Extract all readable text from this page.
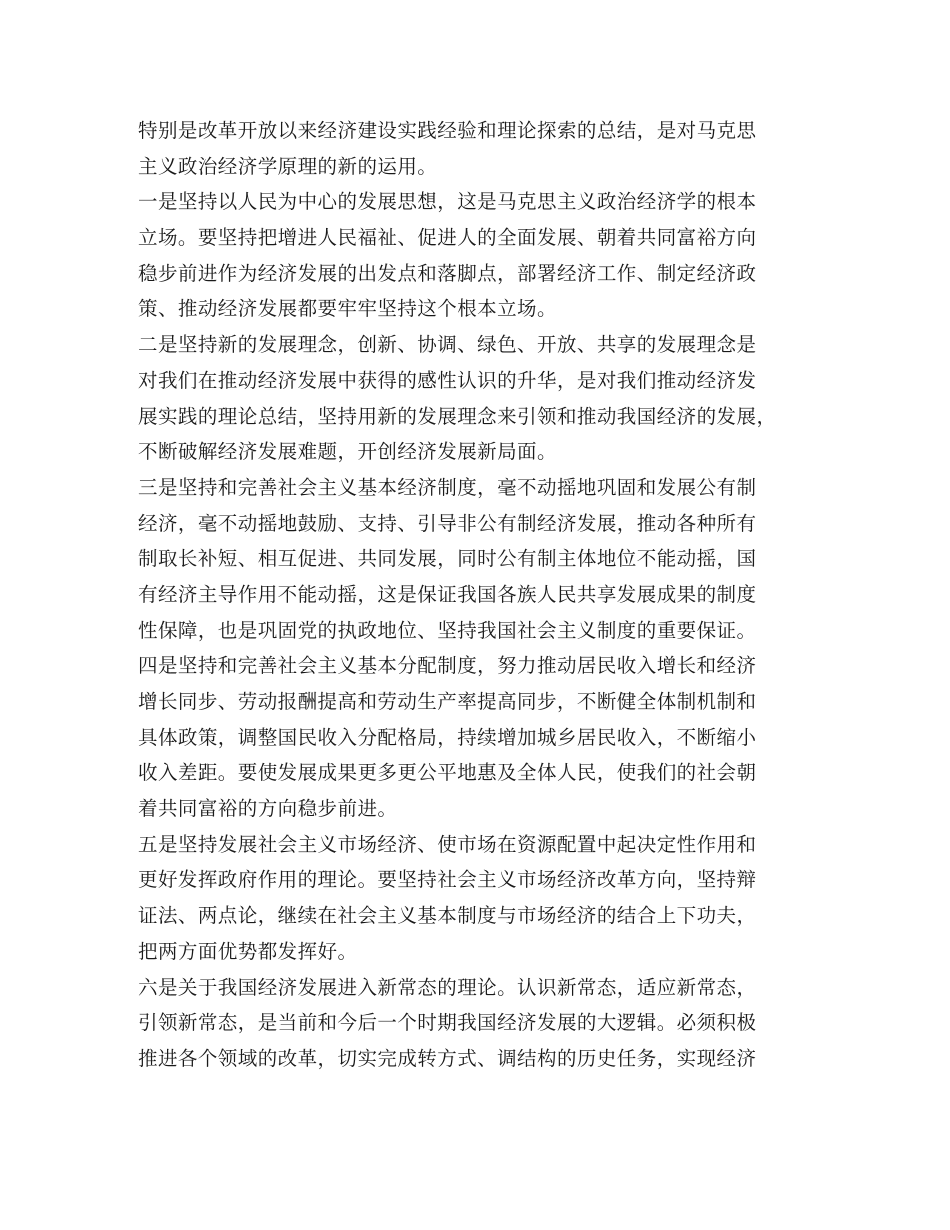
特别是改革开放以来经济建设实践经验和理论探索的总结，是对马克思
主义政治经济学原理的新的运用。
一是坚持以人民为中心的发展思想，这是马克思主义政治经济学的根本
立场。要坚持把增进人民福祉、促进人的全面发展、朝着共同富裕方向
稳步前进作为经济发展的出发点和落脚点，部署经济工作、制定经济政
策、推动经济发展都要牢牢坚持这个根本立场。
二是坚持新的发展理念，创新、协调、绿色、开放、共享的发展理念是
对我们在推动经济发展中获得的感性认识的升华，是对我们推动经济发
展实践的理论总结，坚持用新的发展理念来引领和推动我国经济的发展，
不断破解经济发展难题，开创经济发展新局面。
三是坚持和完善社会主义基本经济制度，毫不动摇地巩固和发展公有制
经济，毫不动摇地鼓励、支持、引导非公有制经济发展，推动各种所有
制取长补短、相互促进、共同发展，同时公有制主体地位不能动摇，国
有经济主导作用不能动摇，这是保证我国各族人民共享发展成果的制度
性保障，也是巩固党的执政地位、坚持我国社会主义制度的重要保证。
四是坚持和完善社会主义基本分配制度，努力推动居民收入增长和经济
增长同步、劳动报酬提高和劳动生产率提高同步，不断健全体制机制和
具体政策，调整国民收入分配格局，持续增加城乡居民收入，不断缩小
收入差距。要使发展成果更多更公平地惠及全体人民，使我们的社会朝
着共同富裕的方向稳步前进。
五是坚持发展社会主义市场经济、使市场在资源配置中起决定性作用和
更好发挥政府作用的理论。要坚持社会主义市场经济改革方向，坚持辩
证法、两点论，继续在社会主义基本制度与市场经济的结合上下功夫，
把两方面优势都发挥好。
六是关于我国经济发展进入新常态的理论。认识新常态，适应新常态，
引领新常态，是当前和今后一个时期我国经济发展的大逻辑。必须积极
推进各个领域的改革，切实完成转方式、调结构的历史任务，实现经济
